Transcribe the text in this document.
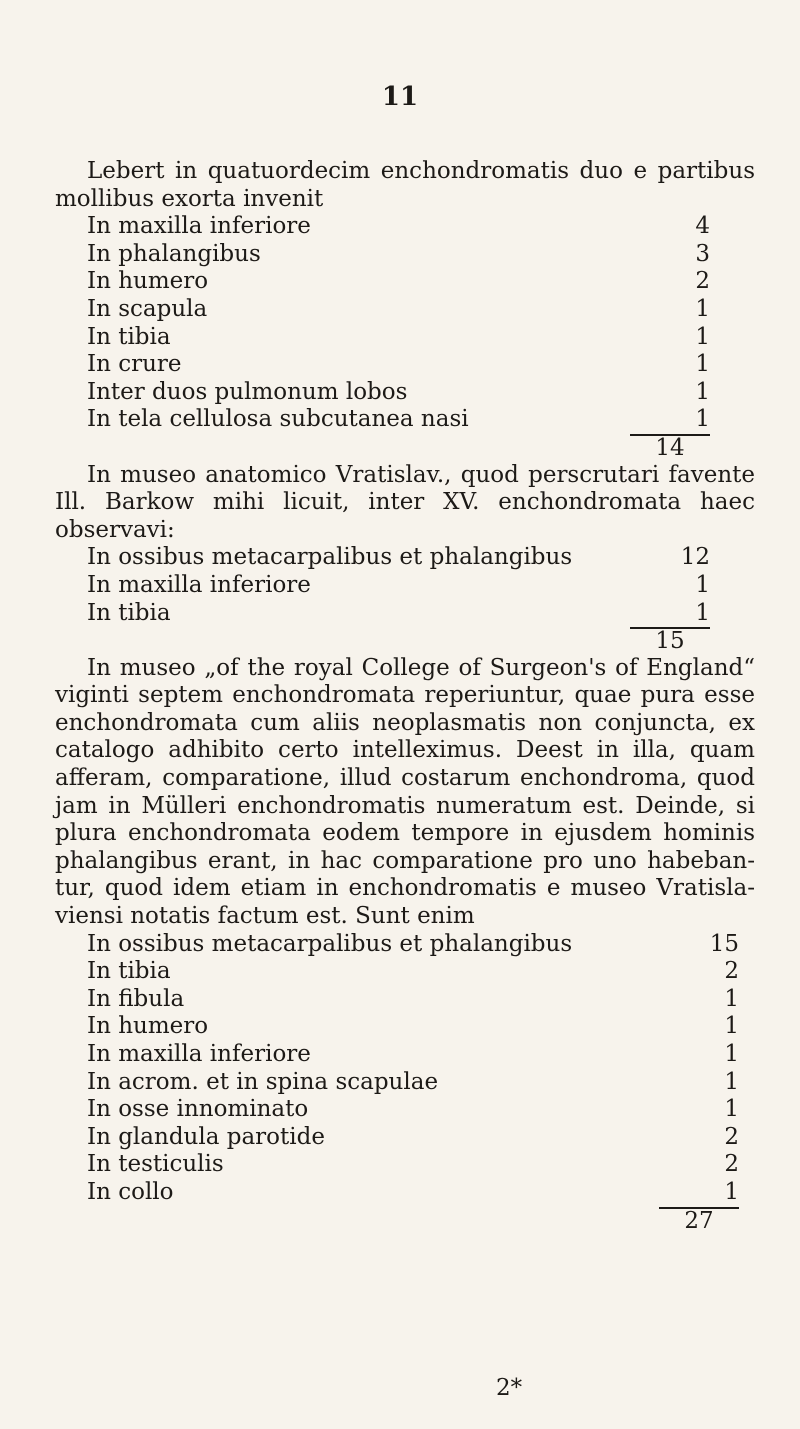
11

Lebert in quatuordecim enchondromatis duo e partibus mollibus exorta invenit

In maxilla inferiore	4
In phalangibus	3
In humero	2
In scapula	1
In tibia	1
In crure	1
Inter duos pulmonum lobos	1
In tela cellulosa subcutanea nasi	1
14

In museo anatomico Vratislav., quod perscrutari favente Ill. Barkow mihi licuit, inter XV. enchondromata haec observavi:

In ossibus metacarpalibus et phalangibus	12
In maxilla inferiore	1
In tibia	1
15

In museo „of the royal College of Surgeon's of England“ viginti septem enchondromata reperiuntur, quae pura esse enchondromata cum aliis neoplasmatis non conjuncta, ex catalogo adhibito certo intelleximus. Deest in illa, quam afferam, comparatione, illud costarum enchondroma, quod jam in Mülleri enchondromatis numeratum est. Deinde, si plura enchondromata eodem tempore in ejusdem hominis phalangibus erant, in hac comparatione pro uno habeban-tur, quod idem etiam in enchondromatis e museo Vratisla-viensi notatis factum est. Sunt enim

In ossibus metacarpalibus et phalangibus	15
In tibia	2
In fibula	1
In humero	1
In maxilla inferiore	1
In acrom. et in spina scapulae	1
In osse innominato	1
In glandula parotide	2
In testiculis	2
In collo	1
27
2*
